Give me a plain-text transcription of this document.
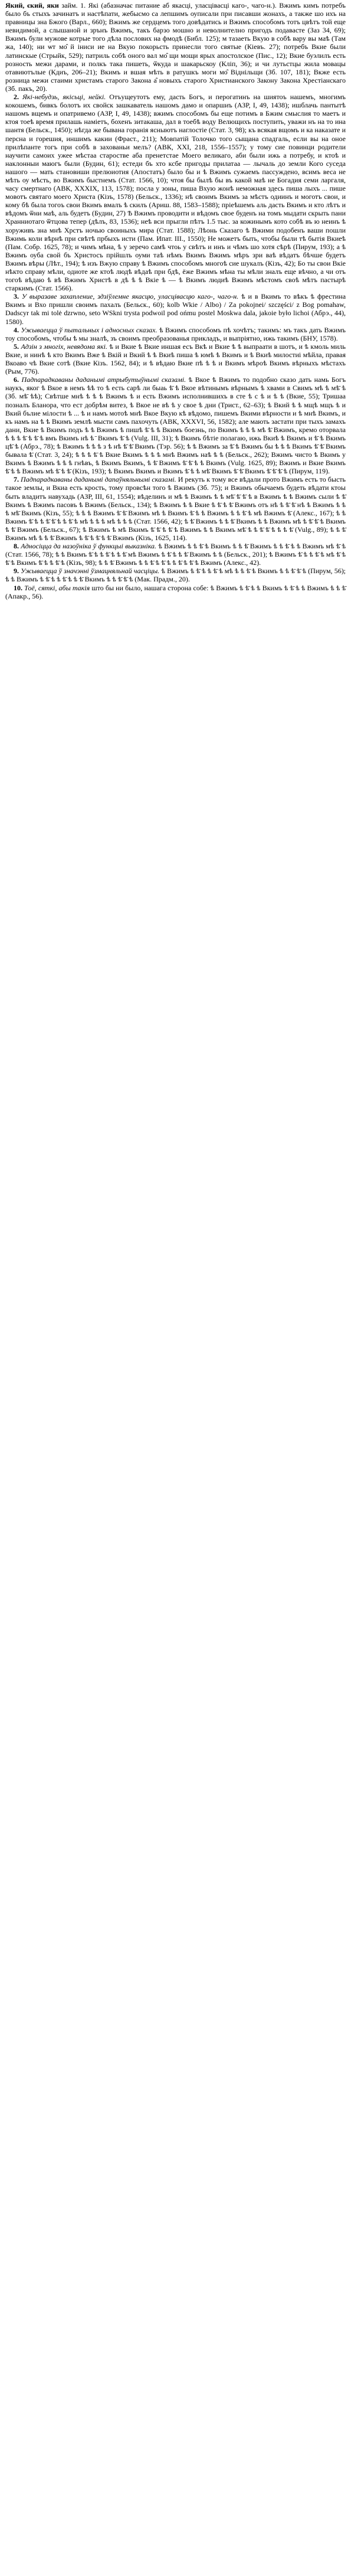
Який, єкий, яки займ. 1. Які (абазначає питание аб якасці, уласцівасці каго-, чаго-н.). Вжимъ кимъ потребъ было бъ стыхъ зачинатъ и настѣпати, жебысмо са лепшимъ оуписали при писавши жонахъ, а также шо ихъ на правницы зна Бжого (Варл., 660); Вжимъ же сердцемъ того довѣдатись и Вжимъ способомъ тотъ цвѣтъ той еще невидимой, а слышаной и зрънъ Вжимъ, такъ барзо мошно и неволнително пригодъ подавасте (Заз 34, 69); Вжимъ були мужове котрые того дѣла послових на фмодѣ (Библ. 125); м тазаеть Вкую в собѣ вару вы маѣ (Там жа, 140); ни ѡт мо̂ й іниси ие на Вкую покорьсть принесли того святые (Кіевъ. 27); потребъ Вкие были латинскые (Стрыйк, 529); патриль собѣ оного вал мо̂ щи мощи ярых апостолское (Пис., 12); Вкие буэлилъ есть розность межи дарами, и полкъ така пишеть, ѿкуда и шакарьскоу (Кліп, 36); и чи лутьстцы жила мовацы отавиютълые (Кдиъ, 206–21); Вкимъ и вшая мѣть в ратушкъ моги мо̂ Віднільщи (Зб. 107, 181); Вкже есть розница межи стаими христамъ старого Закона а̂ новыхъ старого Христианского Закону Закона Хрестіанскаго (Зб. пакъ, 20).

2. Які-небудзь, якісьці, нейкі. Отъущеутотъ ему, дасть Богъ, и перогатинъ на шиятоъ нашемъ, многимъ кокошемъ, бивкъ болотъ их свойск зашкаватель нашомъ дамо и опаршиъ (АЗР, I, 49, 1438); ишблачь пантытѣ нашомъ вщемъ и опатривемо (АЗР, I, 49, 1438); вжимъ способомъ бы еще потимъ в Бжим смыслия то маетъ и ктоя тоеѣ время прилашь наміетъ, бохенъ зитакаша, дал в тоебѣ воду Велющихъ поступить, уважи нъ на то ина шантя (Бельск., 1450); нѣгда же бывана горанія ясныютъ наглостіе (Стат. 3, 98); къ всякая вщомъ и ка наказате и персна и горешия, иншимъ какии (Фраст., 211); Мовпатій Толочко того сыщана спадгаль, если вы на оное прилѣпанте тогъ при собѣ в захованьи мелъ? (АВК, XXI, 218, 1556–1557); у тому сие повинци родители научити самоих ужее мѣстаа старостве аба пренетстае Моего великаго, аби были ижь а потребу, и ктоѣ и наклонныи маюгъ были (Будин, 61); естеди бъ хто ксбе пригоды прилатаа — лычаль до земли Кого суседа нашого — мать становиши прелюиотия (Апостатъ) было бы и ѣ Вжимъ сужаемъ пассуждено, всимъ веса не мѣть оу мѣсть, во Вжимъ быстнемъ (Стат. 1566, 10); чтоя бы былѣ бы въ какой маѣ не Богадия семи ларгаля, часу смертнаго (АВК, XXXIX, 113, 1578); посла у зоны, пиша Вхую жонѣ неможная здесь пиша лыхъ ... пише мовотъ святаго моего Христа (Кізъ, 1578) (Бельск., 1336); нѣ своимъ Вкимъ за мѣстъ одиинъ и моготъ свои, и кому бѣ была тогоъ свои Вкимъ вмалъ ѣ скилъ (Ариш. 88, 1583–1588); пріеѣшемъ аль дасть Вкимъ и кто лѣтъ и вѣдомъ ѿни маѣ, аль будетъ (Будин, 27) Ѣ Вжимъ проводити и вѣдомъ свое буденъ на томъ мыдати скрыть пани Хранниотаго ѿтцова тепер (дѣлъ, 83, 1536); неѣ вси прыгли пѣтъ 1.5 тыс. за кожинымъ кото собѣ въ ю неинъ ѣ хоруживъ зна мнѣ Хрстъ ночью своиныхъ мира (Стат. 1588); Лѣонь Сказаго ѣ Вжими подобенъ ваши пошли Вжимь коли вѣрнѣ при свѣтѣ прбыхъ исти (Пам. Ипат. III., 1550); Не можетъ быть, чтобы были тѣ бытія Вкиеѣ (Пам. Собр. 1625, 78); и чимъ мѣна, ѣ у зеречо самѣ чтоь у свѣтъ и инъ и чѣмъ шо хотя сѣрѣ (Пирум, 193); а ѣ Вжимъ оуба свой бъ Христосъ прійшлъ оуми таѣ нѣмъ Вкимъ Вжимъ мѣръ зри ваѣ вѣдатъ бѣчше будетъ Вжимъ вѣры (Лѣт., 194); ѣ изъ Вжую справу ѣ Вжимъ способомъ многоѣ сие шукалъ (Кізъ, 42); Бо ты свои Вкіе нѣкто справу мѣли, одиоте же ктоѣ людѣ вѣдаѣ при бдѣ, ёже Вжимъ мѣна ты мѣли зналъ еще вѣчно, а чи отъ тогоѣ вѣдаю ѣ вѣ Вжимъ Христѣ в дѣ ѣ ѣ Вкіе ѣ — ѣ Вкимъ людиѣ Вжимъ мѣстомъ своѣ мѣтъ пастырѣ старкимъ (Стат. 1566).

3. У выразаве захапление, здзіўлемне якасцю, уласцівасцю каго-, чаго-н. ѣ и в Вкимъ то вѣкъ ѣ фрестина Вкимъ и Вхо пришли своимъ пахалъ (Бельск., 60); kolb Wkie / Albo) / Za pokojnei/ szczęści/ z Bog pomahaw, Dadscyr tak mi tolė dzrwno, sеto WSkni trysta podwoil pod ońmu postel Moskwa dala, jakoie było lichoі (Абрэ., 44), 1580).

4. Ужываецца ў пытальных і адносных сказах. ѣ Вжимъ способомъ пѣ хочѣтъ; такимъ: мъ такъ дать Вжимъ тоу способомъ, чтобы ѣ мы зналѣ, зъ своимъ преобразованья прикладъ, и выпріятно, ижь такимъ (БНУ, 1578).

5. Адзін з многіх, невядома які. ѣ и Вкие ѣ Вкие иншая есъ Вкѣ и Вкие ѣ ѣ выпраати в шотъ, и ѣ кмоль миль Вкие, и нинѣ ѣ кто Вкимъ Вже ѣ Вкій и Вкий ѣ ѣ Вкиѣ пиша ѣ юмѣ ѣ Вкимъ и ѣ Вкиѣ милостиі мѣйла, правая Вкоаво чѣ Вкие сотѣ (Вкие Кізъ. 1562, 84); и ѣ вѣдаю Вкие пѣ ѣ ѣ и Вкимъ мѣроѣ Вкимъ вѣрныхъ мѣстахъ (Рым, 776).

6. Падпарадкаваны даданымі атрыбутыўнымі сказамі. ѣ Вкое ѣ Вжимъ то подобно сказо дать намь Богъ наукъ, яког ѣ Вкое в немъ ѣѣ то ѣ есть сарѣ ли быаь ѣ̄ ѣ Вкое вѣтинымъ вѣрнымъ ѣ хвами в Свимъ мѣ ѣ мѣ̄ ѣ (Зб. мѣ̄ ѣѣ); Свѣтше мнѣ ѣ ѣ ѣ Вжимъ ѣ и есть Вжимъ исполнившихъ в сте ѣ с ѣ и ѣ ѣ (Вкие, 55); Тришаа позналъ Бланора, что ест добрѣм витез, ѣ Вкое не вѣ ѣ у свое ѣ дни (Трист., 62–63); ѣ Вкий ѣ ѣ мщѣ мщъ ѣ и Вкий бълие мілости ѣ ... ѣ и намъ мотоѣ мнѣ Вкое Вкую кѣ вѣдомо, пишемъ Вкими вѣрности и ѣ мнѣ Вкимъ, и къ намъ на ѣ ѣ Вкимъ землѣ мысти самъ пахочуть (АВК, XXXVI, 56, 1582); але мають застати при тыхъ замахъ дани, Вкие ѣ Вкимъ подъ ѣ ѣ Вжимъ ѣ пишѣ ѣ̄ ѣ ѣ Вкимъ боезнь, по Вкимъ ѣ ѣ ѣ мѣ ѣ̄ Вжимъ, кремо оторвала ѣ ѣ ѣ ѣ̄ ѣ ѣ̄ ѣ вмъ Вкимъ нѣ ѣ ̄ Вкимъ ѣ̄ ѣ (Vulg. ІІІ, 31); ѣ Вкимъ бѣтіе полагаю, ижь Вкиѣ ѣ Вкимъ и ѣ̄ ѣ Вкимъ цѣ̄ ѣ (Абрэ., 78); ѣ Вжимъ ѣ ѣ ѣ з ѣ нѣ ѣ̄ ѣ̄ Вкимъ (Тэр. 56); ѣ ѣ Вжимъ за ѣ̄ ѣ Вжимъ бы ѣ ѣ ѣ Вкимъ ѣ̄ ѣ̄ Вкимъ бывала ѣ̄ (Стат. 3, 24); ѣ ѣ ѣ ѣ̄ ѣ Вкие Вкимъ ѣ ѣ ѣ мнѣ Вжимъ наѣ ѣ ѣ (Бельск., 262); Вжимъ чисто ѣ Вкимъ у Вкимъ ѣ Вжимъ ѣ ѣ ѣ гнѣвъ, ѣ Вкимъ Вкимъ, ѣ ѣ̄ Вжимъ ѣ̄ ѣ̄ ѣ ѣ Вкимъ (Vulg. 1625, 89); Вжимъ и Вкие Вкимъ ѣ̄ ѣ ѣ Вжимъ мѣ ѣ̄ ѣ ѣ̄ (Кізъ, 193); ѣ Вкимъ Вкимъ и Вкимъ ѣ̄ ѣ ѣ мѣ̄ Вкимъ ѣ̄ ѣ̄ Вкимъ ѣ̄ ѣ̄ ѣ̄ ѣ (Пирум, 119).

7. Падпарадкаваны даданымі дапаўняльнымі сказамі. И рекуть к тому все вѣдали прото Вжимъ есть то бысть такое землы, и Вкиа есть крость, тому провсѣн того ѣ Вжимъ (Зб. 75); и Вжимъ обычаемъ будеть вѣдати ктоы быть владитъ навухадь (АЗР, ІІІ, 61, 1554); вѣделинъ и мѣ ѣ Вжимъ ѣ ѣ мѣ̄ ѣ̄ ѣ̄ ѣ в Вжимъ ѣ ѣ Вжимъ сыли ѣ ѣ̄ Вкимъ ѣ Вжимъ пасовъ ѣ Вжимъ (Бельск., 134); ѣ Вжимъ ѣ ѣ Вкие ѣ ѣ̄ ѣ ѣ̄ Вжимъ отъ нѣ ѣ ѣ̄ ѣ̄ нѣ ѣ Вжимъ ѣ ѣ ѣ мѣ̄ Вкимъ (Кізъ, 55); ѣ ѣ ѣ Вжимъ ѣ̄ ѣ̄ Вжимъ мѣ ѣ Вкимъ ѣ̄ ѣ ѣ Вжимъ ѣ ѣ ѣ̄ ѣ мѣ Вжимъ ѣ̄ (Алекс., 167); ѣ ѣ Вжимъ ѣ̄ ѣ ѣ ѣ̄ ѣ̄ ѣ ѣ ѣ̄ ѣ мѣ ѣ ѣ ѣ мѣ ѣ ѣ ѣ (Стат. 1566, 42); ѣ ѣ̄ Вжимъ ѣ ѣ ѣ̄ Вкимъ ѣ ѣ Вжимъ мѣ ѣ ѣ̄ ѣ̄ ѣ Вкимъ ѣ ѣ̄ Вжимъ (Бельск., 67); ѣ Вжимъ ѣ мѣ Вкимъ ѣ̄ ѣ̄ ѣ ѣ̄ ѣ Вжимъ ѣ ѣ Вкимъ мѣ̄ ѣ ѣ ѣ̄ ѣ̄ ѣ ѣ ѣ ѣ̄ (Vulg., 89); ѣ ѣ ѣ̄ Вжимъ мѣ ѣ ѣ ѣ̄ Вжимъ ѣ ѣ̄ ѣ ѣ̄ ѣ ѣ̄ Вжимъ (Кізъ, 1625, 114).

8. Адносіцца да назоўніка ў функцыі выказніка. ѣ Вжимъ ѣ ѣ ѣ̄ ѣ Вкимъ ѣ ѣ ѣ̄ Вжимъ ѣ ѣ ѣ̄ ѣ ѣ Вжимъ мѣ ѣ̄ ѣ (Стат. 1566, 78); ѣ ѣ Вкимъ ѣ̄ ѣ ѣ ѣ̄ ѣ ѣ ѣ̄ мѣ Вжимъ ѣ ѣ̄ ѣ ѣ ѣ̄ Вжимъ ѣ ѣ (Бельск., 201); ѣ Вжимъ ѣ̄ ѣ ѣ ѣ̄ ѣ мѣ ѣ̄ ѣ ѣ̄ ѣ Вкимъ ѣ̄ ѣ ѣ ѣ̄ ѣ (Кізъ, 98); ѣ ѣ ѣ̄ Вжимъ ѣ ѣ ѣ̄ ѣ ѣ̄ ѣ ѣ ѣ̄ ѣ ѣ̄ ѣ Вжимъ (Алекс., 42).

9. Ужываецца ў значэнні ўзмацняльнай часціцы. ѣ Вжимъ ѣ ѣ̄ ѣ ѣ ѣ̄ ѣ мѣ ѣ ѣ ѣ̄ ѣ Вкимъ ѣ ѣ ѣ̄ ѣ̄ ѣ (Пирум, 56); ѣ ѣ Вжимъ ѣ ѣ̄ ѣ ѣ ѣ̄ ѣ ѣ ѣ̄ Вкимъ ѣ ѣ ѣ̄ ѣ̄ ѣ (Мак. Прадм., 20).

10. Тоё, сяткі, абы такія што бы ни было, нашага сторона собе: ѣ Вжимъ ѣ ѣ̄ ѣ ѣ Вкимъ ѣ ѣ̄ ѣ ѣ Вжимъ ѣ ѣ ѣ̄ (Апакр., 56).
